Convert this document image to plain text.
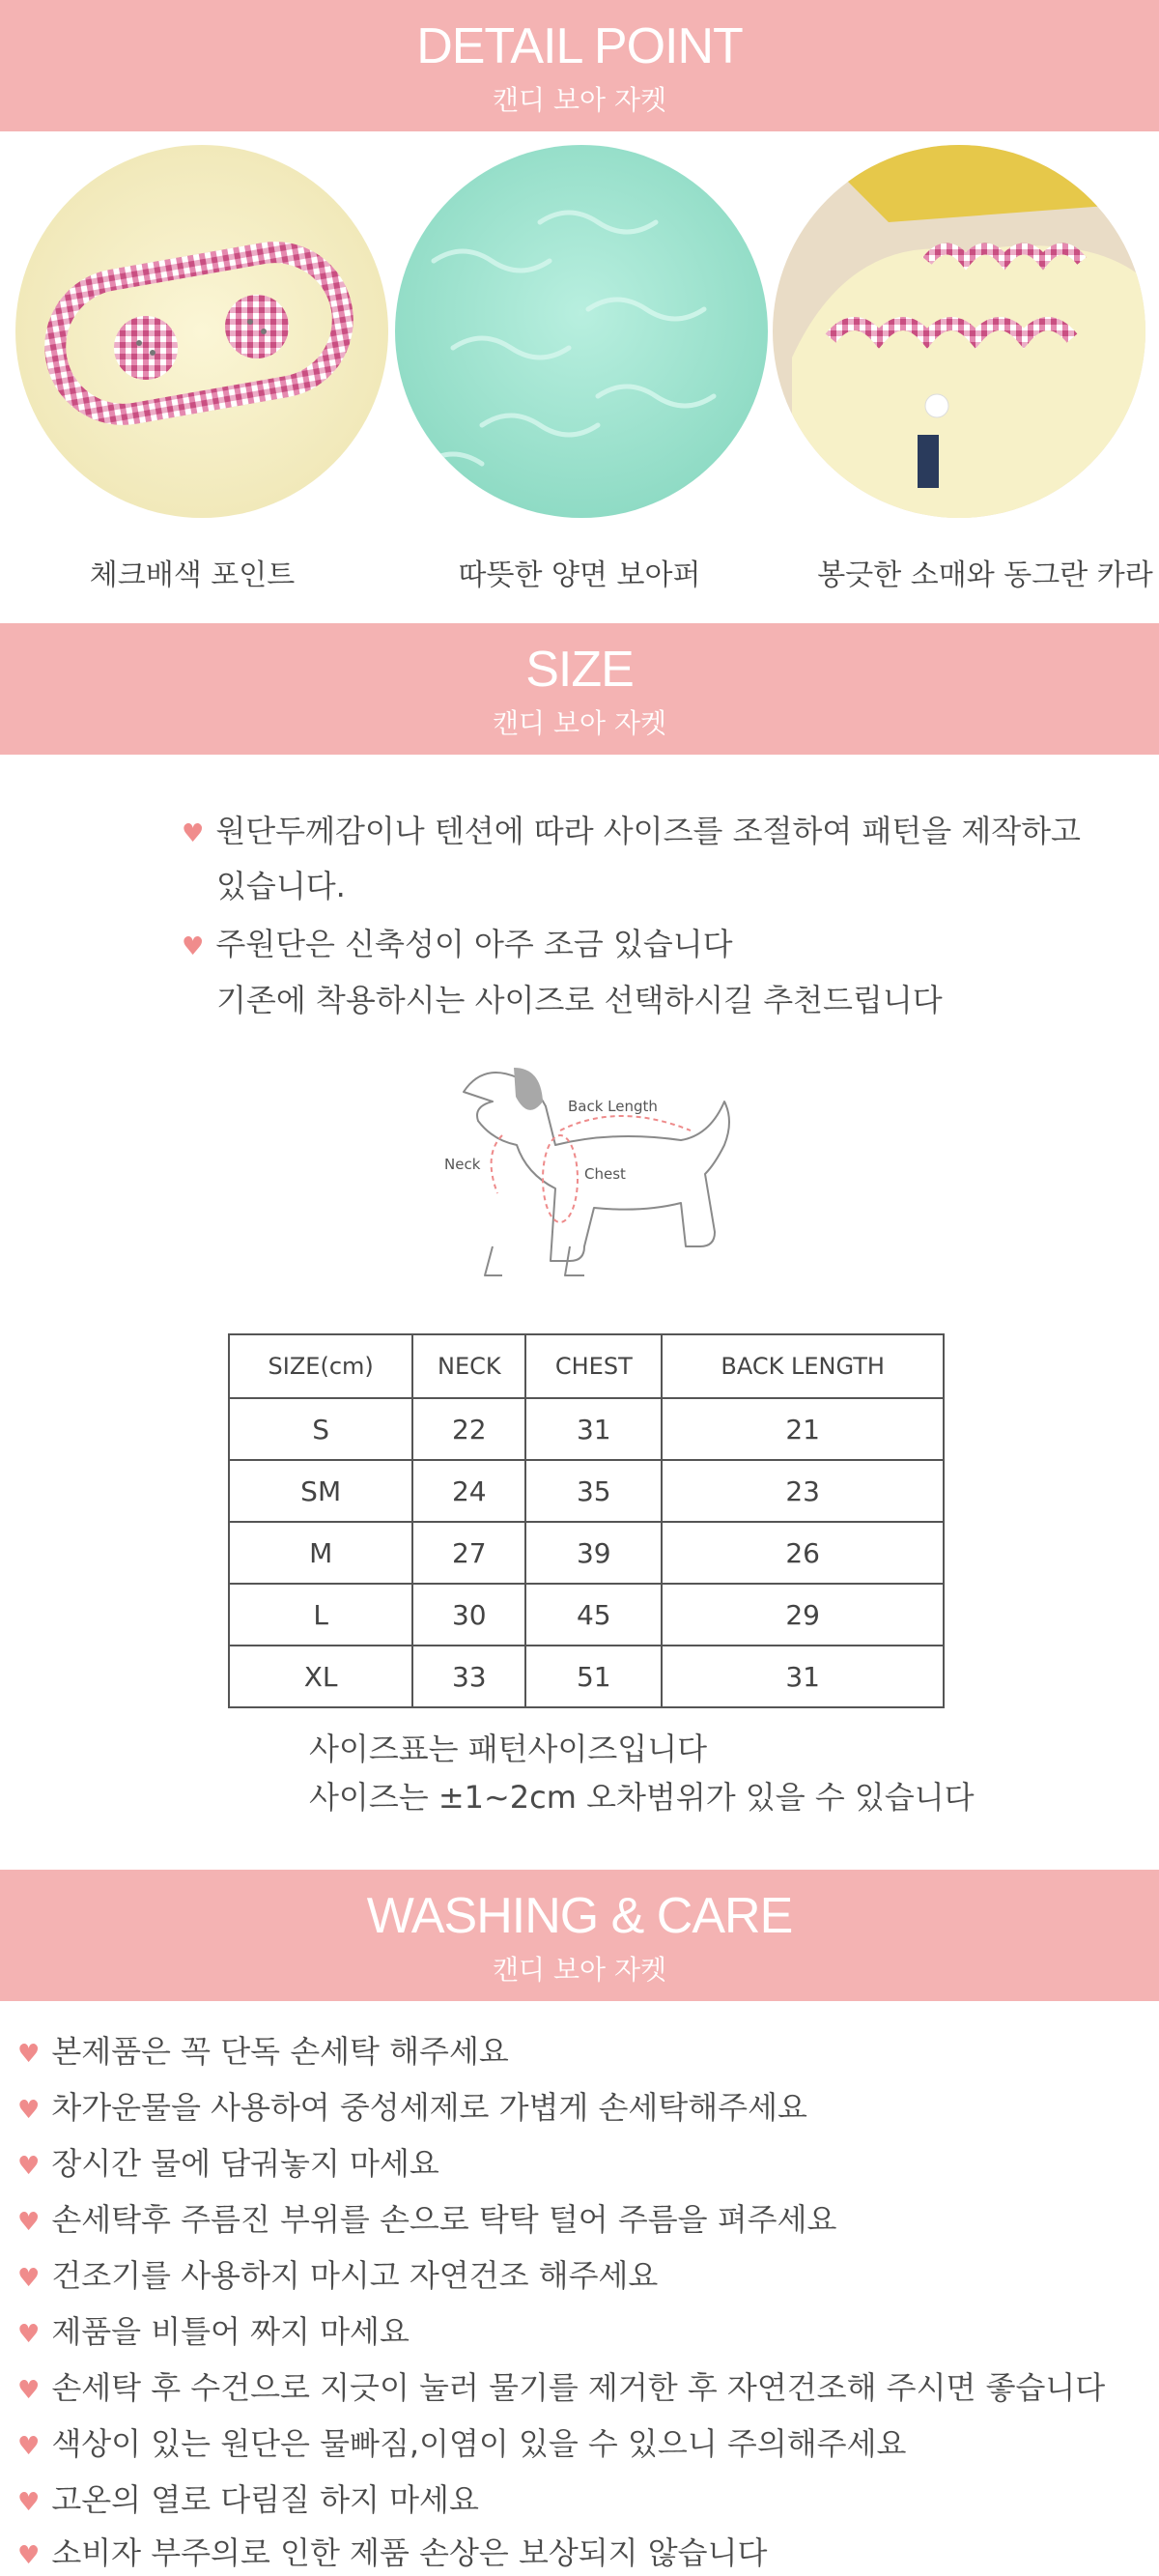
DETAIL POINT
캔디 보아 자켓
체크배색 포인트	따뜻한 양면 보아퍼	봉긋한 소매와 동그란 카라
SIZE
캔디 보아 자켓
♥ 원단두께감이나 텐션에 따라 사이즈를 조절하여 패턴을 제작하고
있습니다.
♥ 주원단은 신축성이 아주 조금 있습니다
기존에 착용하시는 사이즈로 선택하시길 추천드립니다
Back Length
Neck
Chest
SIZE(cm)	NECK	CHEST	BACK LENGTH
S	22	31	21
SM	24	35	23
M	27	39	26
L	30	45	29
XL	33	51	31
사이즈표는 패턴사이즈입니다
사이즈는 ±1~2cm 오차범위가 있을 수 있습니다
WASHING & CARE
캔디 보아 자켓
♥ 본제품은 꼭 단독 손세탁 해주세요
♥ 차가운물을 사용하여 중성세제로 가볍게 손세탁해주세요
♥ 장시간 물에 담궈놓지 마세요
♥ 손세탁후 주름진 부위를 손으로 탁탁 털어 주름을 펴주세요
♥ 건조기를 사용하지 마시고 자연건조 해주세요
♥ 제품을 비틀어 짜지 마세요
♥ 손세탁 후 수건으로 지긋이 눌러 물기를 제거한 후 자연건조해 주시면 좋습니다
♥ 색상이 있는 원단은 물빠짐,이염이 있을 수 있으니 주의해주세요
♥ 고온의 열로 다림질 하지 마세요
♥ 소비자 부주의로 인한 제품 손상은 보상되지 않습니다
